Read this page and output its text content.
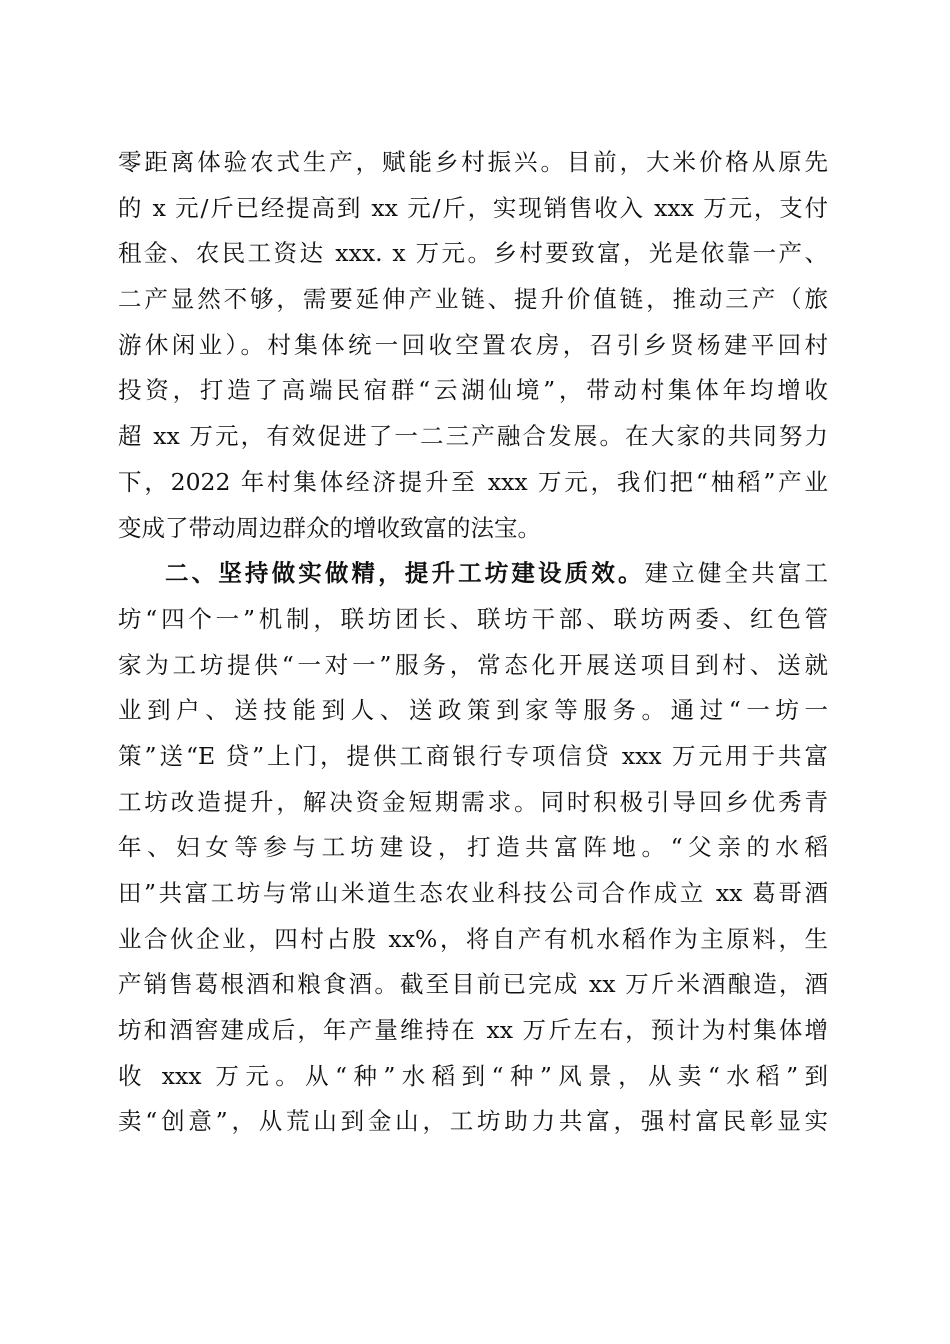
零距离体验农式生产，赋能乡村振兴。目前，大米价格从原先
的 x 元/斤已经提高到 xx 元/斤，实现销售收入 xxx 万元，支付
租金、农民工资达 xxx. x 万元。乡村要致富，光是依靠一产、
二产显然不够，需要延伸产业链、提升价值链，推动三产（旅
游休闲业）。村集体统一回收空置农房，召引乡贤杨建平回村
投资，打造了高端民宿群“云湖仙境”，带动村集体年均增收
超 xx 万元，有效促进了一二三产融合发展。在大家的共同努力
下，2022 年村集体经济提升至 xxx 万元，我们把“柚稻”产业
变成了带动周边群众的增收致富的法宝。
二、坚持做实做精，提升工坊建设质效。建立健全共富工
坊“四个一”机制，联坊团长、联坊干部、联坊两委、红色管
家为工坊提供“一对一”服务，常态化开展送项目到村、送就
业到户、送技能到人、送政策到家等服务。通过“一坊一
策”送“E 贷”上门，提供工商银行专项信贷 xxx 万元用于共富
工坊改造提升，解决资金短期需求。同时积极引导回乡优秀青
年、妇女等参与工坊建设，打造共富阵地。“父亲的水稻
田”共富工坊与常山米道生态农业科技公司合作成立 xx 葛哥酒
业合伙企业，四村占股 xx%，将自产有机水稻作为主原料，生
产销售葛根酒和粮食酒。截至目前已完成 xx 万斤米酒酿造，酒
坊和酒窖建成后，年产量维持在 xx 万斤左右，预计为村集体增
收 xxx 万元。从“种”水稻到“种”风景，从卖“水稻”到
卖“创意”，从荒山到金山，工坊助力共富，强村富民彰显实
